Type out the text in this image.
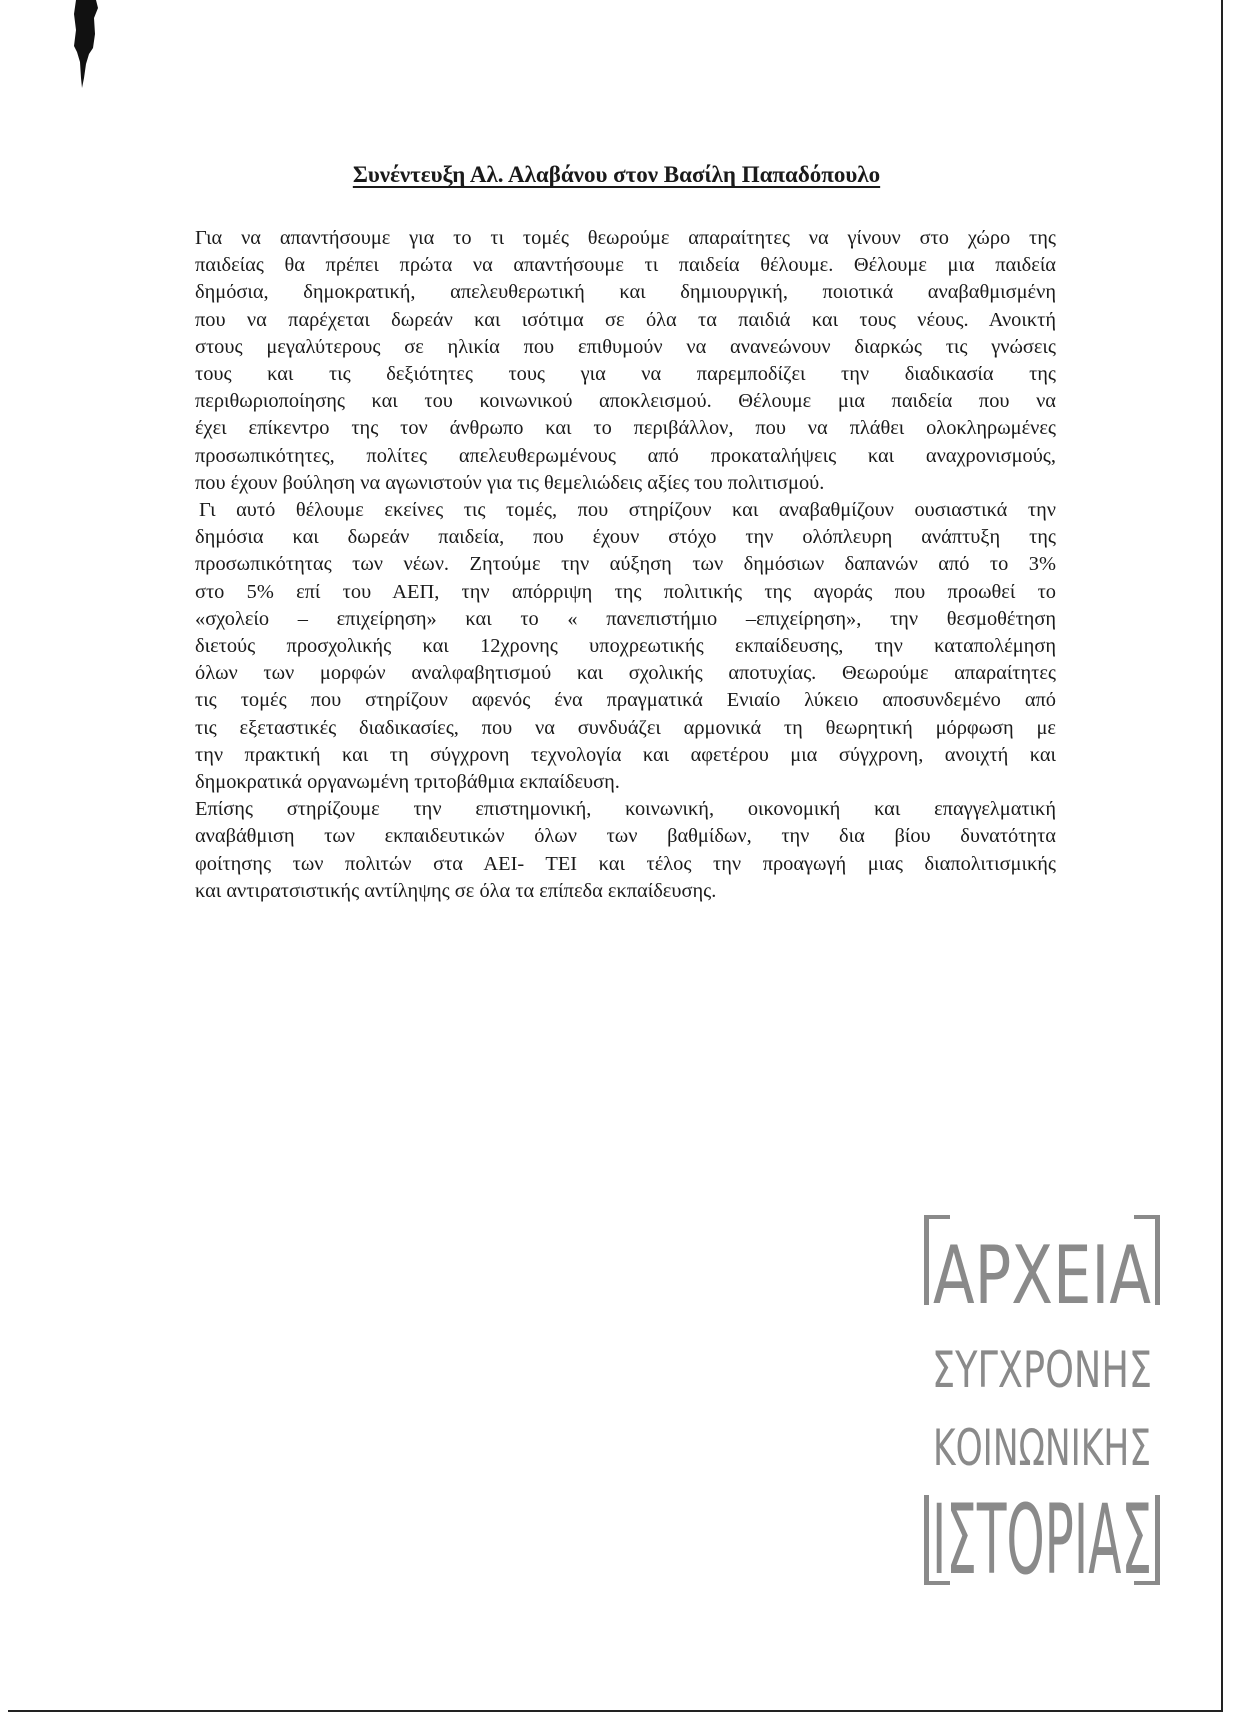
Συνέντευξη Αλ. Αλαβάνου στον Βασίλη Παπαδόπουλο
Για να απαντήσουμε για το τι τομές θεωρούμε απαραίτητες να γίνουν στο χώρο της
παιδείας θα πρέπει πρώτα να απαντήσουμε τι παιδεία θέλουμε. Θέλουμε μια παιδεία
δημόσια, δημοκρατική, απελευθερωτική και δημιουργική, ποιοτικά αναβαθμισμένη
που να παρέχεται δωρεάν και ισότιμα σε όλα τα παιδιά και τους νέους. Ανοικτή
στους μεγαλύτερους σε ηλικία που επιθυμούν να ανανεώνουν διαρκώς τις γνώσεις
τους και τις δεξιότητες τους για να παρεμποδίζει την διαδικασία της
περιθωριοποίησης και του κοινωνικού αποκλεισμού. Θέλουμε μια παιδεία που να
έχει επίκεντρο της τον άνθρωπο και το περιβάλλον, που να πλάθει ολοκληρωμένες
προσωπικότητες, πολίτες απελευθερωμένους από προκαταλήψεις και αναχρονισμούς,
που έχουν βούληση να αγωνιστούν για τις θεμελιώδεις αξίες του πολιτισμού.
Γι αυτό θέλουμε εκείνες τις τομές, που στηρίζουν και αναβαθμίζουν ουσιαστικά την
δημόσια και δωρεάν παιδεία, που έχουν στόχο την ολόπλευρη ανάπτυξη της
προσωπικότητας των νέων. Ζητούμε την αύξηση των δημόσιων δαπανών από το 3%
στο 5% επί του ΑΕΠ, την απόρριψη της πολιτικής της αγοράς που προωθεί το
«σχολείο – επιχείρηση» και το « πανεπιστήμιο –επιχείρηση», την θεσμοθέτηση
διετούς προσχολικής και 12χρονης υποχρεωτικής εκπαίδευσης, την καταπολέμηση
όλων των μορφών αναλφαβητισμού και σχολικής αποτυχίας. Θεωρούμε απαραίτητες
τις τομές που στηρίζουν αφενός ένα πραγματικά Ενιαίο λύκειο αποσυνδεμένο από
τις εξεταστικές διαδικασίες, που να συνδυάζει αρμονικά τη θεωρητική μόρφωση με
την πρακτική και τη σύγχρονη τεχνολογία και αφετέρου μια σύγχρονη, ανοιχτή και
δημοκρατικά οργανωμένη τριτοβάθμια εκπαίδευση.
Επίσης στηρίζουμε την επιστημονική, κοινωνική, οικονομική και επαγγελματική
αναβάθμιση των εκπαιδευτικών όλων των βαθμίδων, την δια βίου δυνατότητα
φοίτησης των πολιτών στα ΑΕΙ- ΤΕΙ και τέλος την προαγωγή μιας διαπολιτισμικής
και αντιρατσιστικής αντίληψης σε όλα τα επίπεδα εκπαίδευσης.
ΑΡΧΕΙΑ
ΣΥΓΧΡΟΝΗΣ
ΚΟΙΝΩΝΙΚΗΣ
ΙΣΤΟΡΙΑΣ
